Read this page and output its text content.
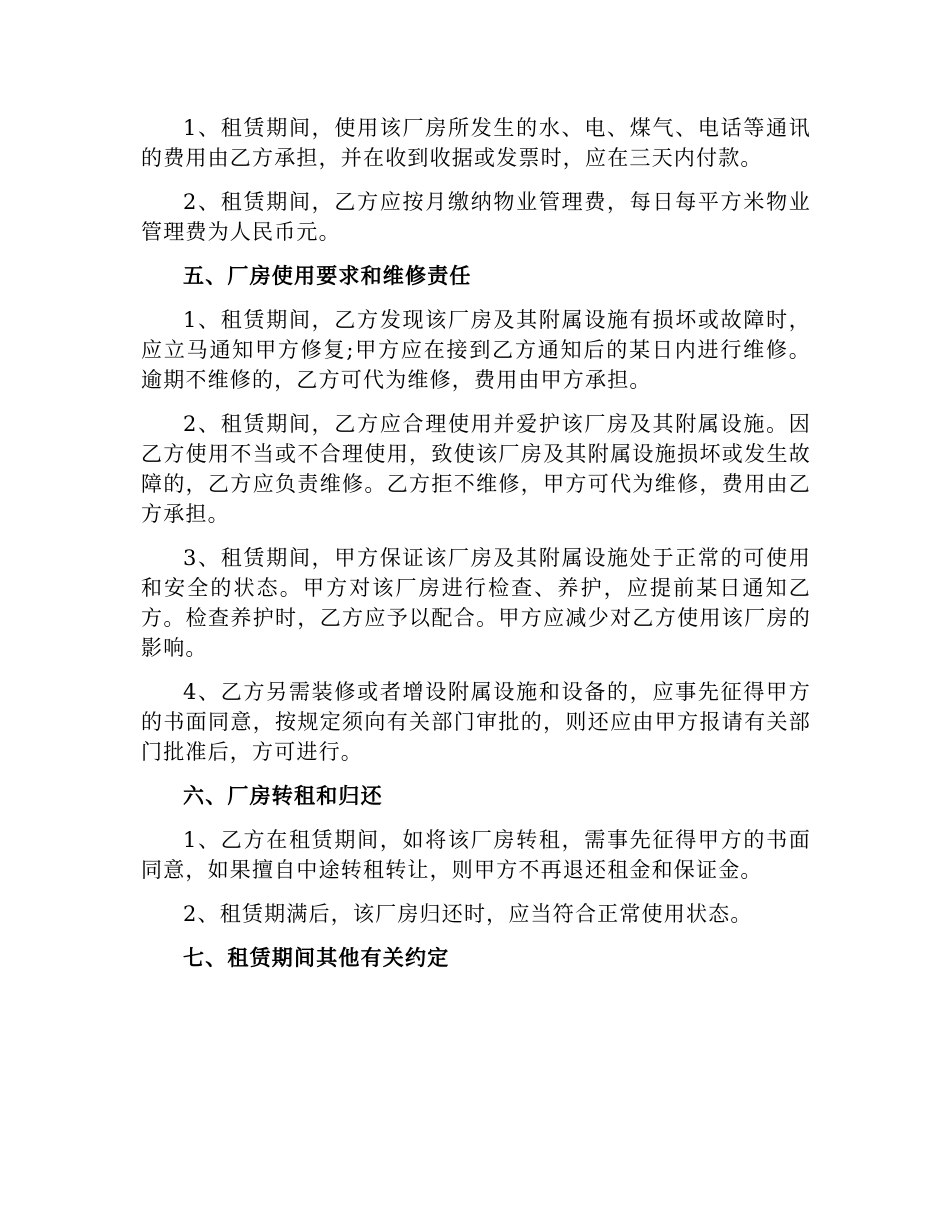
1、租赁期间，使用该厂房所发生的水、电、煤气、电话等通讯的费用由乙方承担，并在收到收据或发票时，应在三天内付款。

2、租赁期间，乙方应按月缴纳物业管理费，每日每平方米物业管理费为人民币元。

五、厂房使用要求和维修责任

1、租赁期间，乙方发现该厂房及其附属设施有损坏或故障时，应立马通知甲方修复;甲方应在接到乙方通知后的某日内进行维修。逾期不维修的，乙方可代为维修，费用由甲方承担。

2、租赁期间，乙方应合理使用并爱护该厂房及其附属设施。因乙方使用不当或不合理使用，致使该厂房及其附属设施损坏或发生故障的，乙方应负责维修。乙方拒不维修，甲方可代为维修，费用由乙方承担。

3、租赁期间，甲方保证该厂房及其附属设施处于正常的可使用和安全的状态。甲方对该厂房进行检查、养护，应提前某日通知乙方。检查养护时，乙方应予以配合。甲方应减少对乙方使用该厂房的影响。

4、乙方另需装修或者增设附属设施和设备的，应事先征得甲方的书面同意，按规定须向有关部门审批的，则还应由甲方报请有关部门批准后，方可进行。

六、厂房转租和归还

1、乙方在租赁期间，如将该厂房转租，需事先征得甲方的书面同意，如果擅自中途转租转让，则甲方不再退还租金和保证金。

2、租赁期满后，该厂房归还时，应当符合正常使用状态。

七、租赁期间其他有关约定
